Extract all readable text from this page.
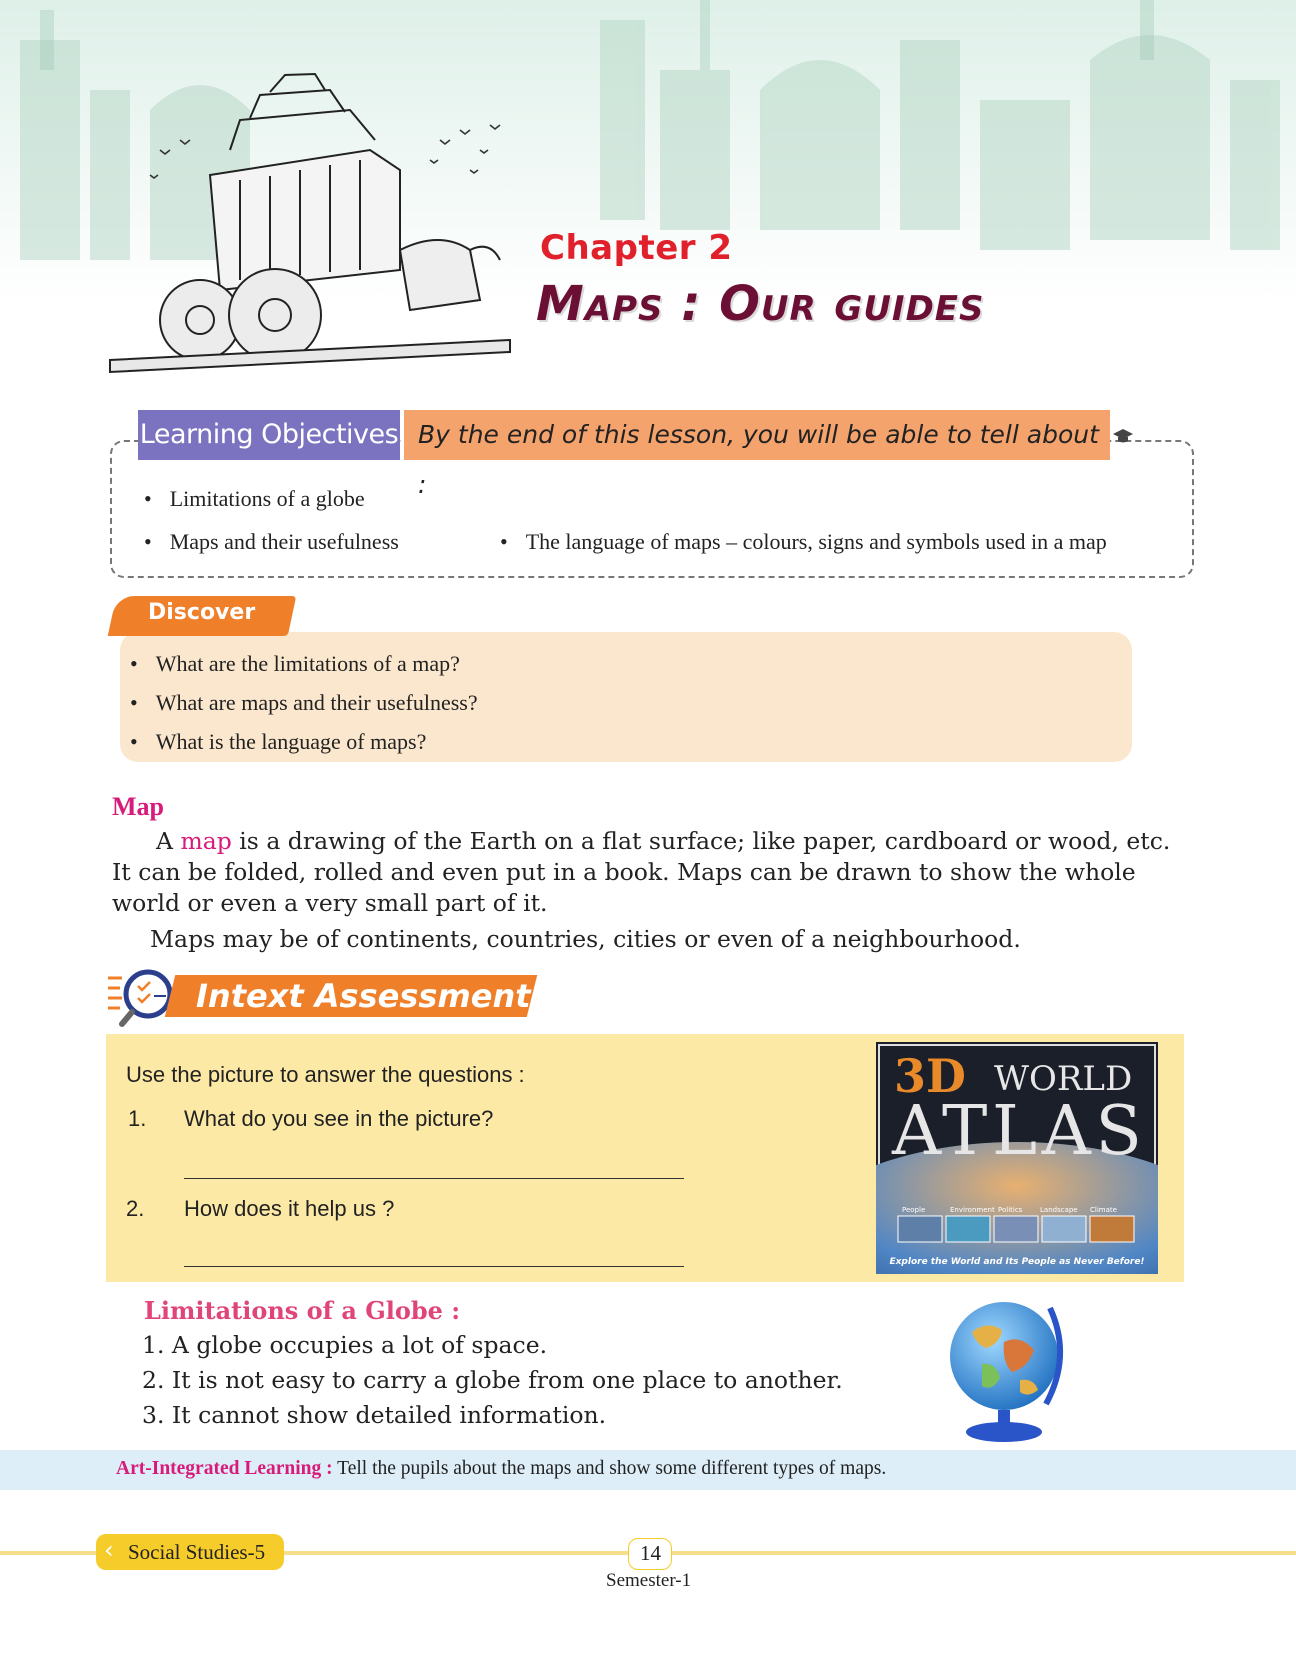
Chapter 2
Maps : Our guides
Learning Objectives By the end of this lesson, you will be able to tell about :
• Limitations of a globe
• Maps and their usefulness
•	The language of maps – colours, signs and symbols used in a map
Discover
• What are the limitations of a map?
• What are maps and their usefulness?
• What is the language of maps?
Map
A map is a drawing of the Earth on a flat surface; like paper, cardboard or wood, etc.
It can be folded, rolled and even put in a book. Maps can be drawn to show the whole
world or even a very small part of it.
Maps may be of continents, countries, cities or even of a neighbourhood.
Intext Assessment
Use the picture to answer the questions :
1. What do you see in the picture?
2. How does it help us ?
3D WORLD
ATLAS
People	Environment Politics	Landscape Climate
Explore the World and Its People as Never Before!
Limitations of a Globe :
1. A globe occupies a lot of space.
2. It is not easy to carry a globe from one place to another.
3. It cannot show detailed information.
Art-Integrated Learning : Tell the pupils about the maps and show some different types of maps.
‹ Social Studies-5	14
Semester-1
